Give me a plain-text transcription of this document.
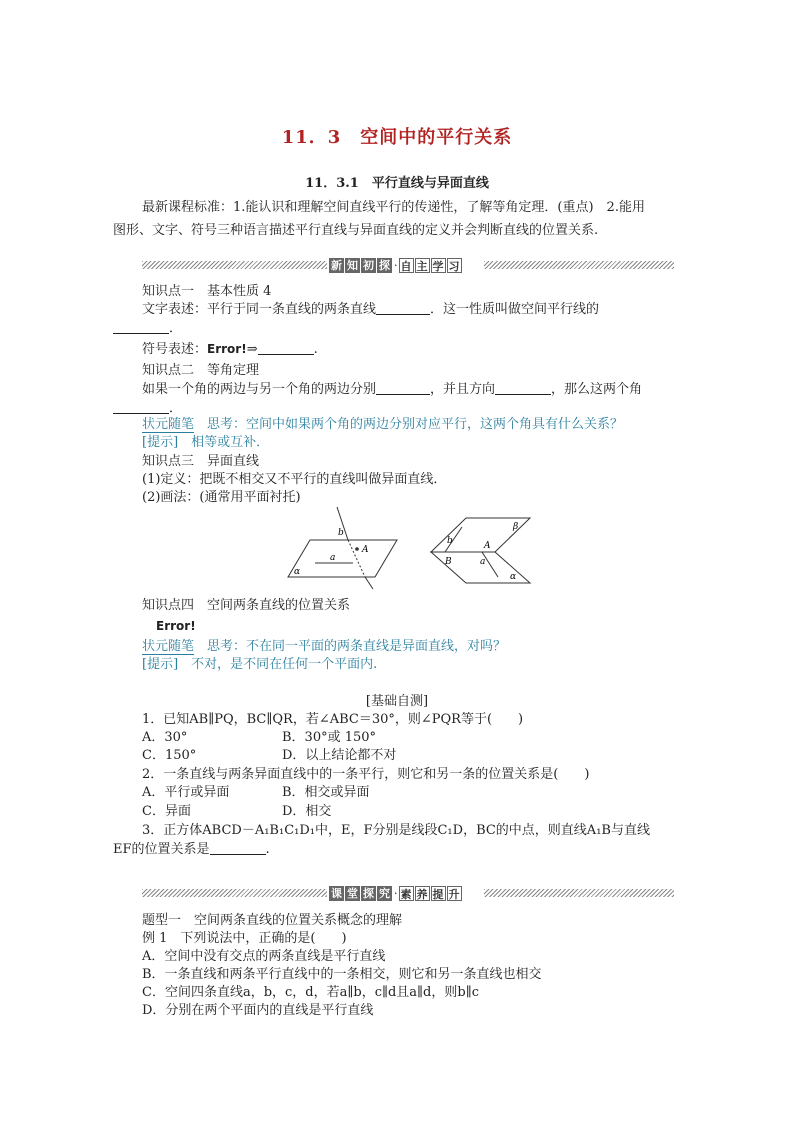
11．3　空间中的平行关系
11．3.1　平行直线与异面直线
最新课程标准：1.能认识和理解空间直线平行的传递性，了解等角定理．(重点)　2.能用
图形、文字、符号三种语言描述平行直线与异面直线的定义并会判断直线的位置关系.
新 知 初 探 · 自 主 学 习
知识点一　基本性质 4
文字表述：平行于同一条直线的两条直线	．这一性质叫做空间平行线的
．
符号表述：Error!⇒	.
知识点二　等角定理
如果一个角的两边与另一个角的两边分别	，并且方向	，那么这两个角
．
状元随笔　 思考：空间中如果两个角的两边分别对应平行，这两个角具有什么关系？
[提示]　相等或互补．
知识点三　异面直线
(1)定义：把既不相交又不平行的直线叫做异面直线．
(2)画法：(通常用平面衬托)
b
A
a
α
β
b	A
B	a
α
知识点四　空间两条直线的位置关系
Error!
状元随笔　 思考：不在同一平面的两条直线是异面直线，对吗？
[提示]　不对，是不同在任何一个平面内.
[基础自测]
1．已知AB∥PQ，BC∥QR，若∠ABC＝30°，则∠PQR等于(　　)
A．30°	B．30°或 150°
C．150°	D．以上结论都不对
2．一条直线与两条异面直线中的一条平行，则它和另一条的位置关系是(　　)
A．平行或异面	B．相交或异面
C．异面	D．相交
3．正方体ABCD－A₁B₁C₁D₁中，E，F分别是线段C₁D，BC的中点，则直线A₁B与直线
EF的位置关系是	.
课 堂 探 究 · 素 养 提 升
题型一　空间两条直线的位置关系概念的理解
例 1　下列说法中，正确的是(　　)
A．空间中没有交点的两条直线是平行直线
B．一条直线和两条平行直线中的一条相交，则它和另一条直线也相交
C．空间四条直线a，b，c，d，若a∥b，c∥d且a∥d，则b∥c
D．分别在两个平面内的直线是平行直线
